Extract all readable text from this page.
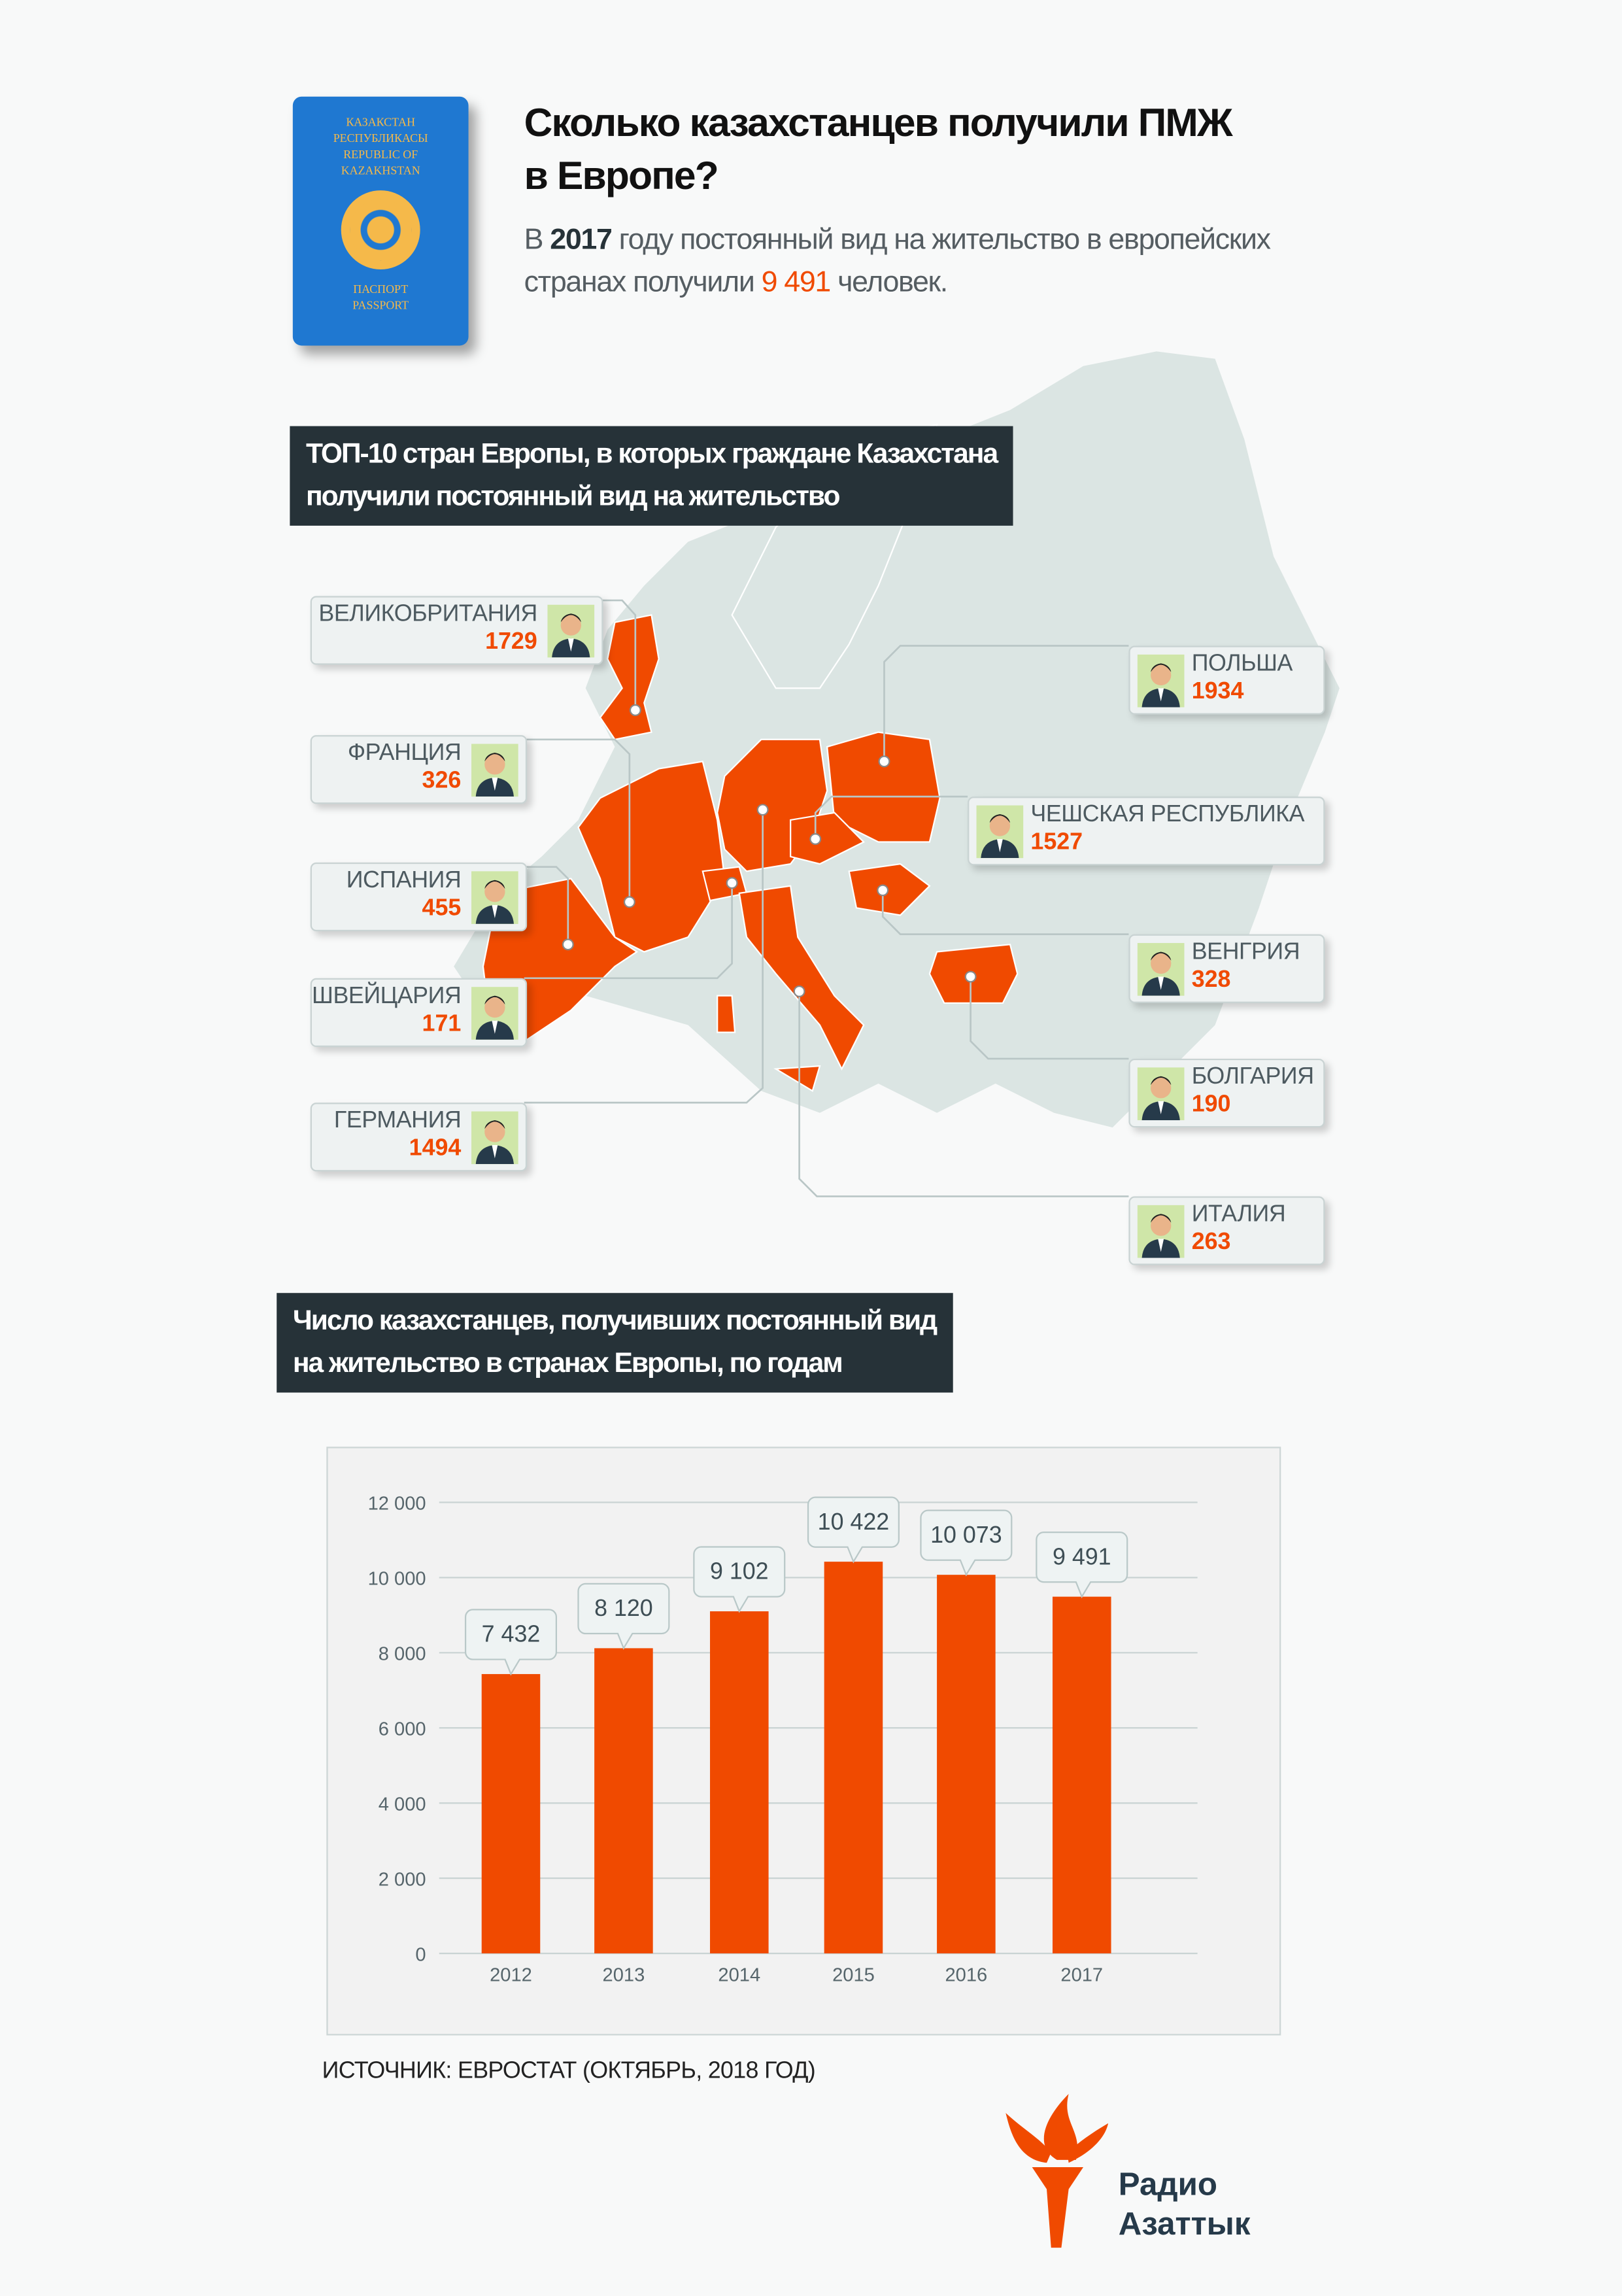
КАЗАКСТАН
РЕСПУБЛИКАСЫ
REPUBLIC OF
KAZAKHSTAN
ПАСПОРТ
PASSPORT
Сколько казахстанцев получили ПМЖ
в Европе?
В 2017 году постоянный вид на жительство в европейских
странах получили 9 491 человек.
ТОП-10 стран Европы, в которых граждане Казахстана
получили постоянный вид на жительство
ВЕЛИКОБРИТАНИЯ
1729
ФРАНЦИЯ
326
ИСПАНИЯ
455
ШВЕЙЦАРИЯ
171
ГЕРМАНИЯ
1494
ПОЛЬША
1934
ЧЕШСКАЯ РЕСПУБЛИКА
1527
ВЕНГРИЯ
328
БОЛГАРИЯ
190
ИТАЛИЯ
263
Число казахстанцев, получивших постоянный вид
на жительство в странах Европы, по годам
0
2 000
4 000
6 000
8 000
10 000
12 000
2012
7 432
2013
8 120
2014
9 102
2015
10 422
2016
10 073
2017
9 491
ИСТОЧНИК: ЕВРОСТАТ (ОКТЯБРЬ, 2018 ГОД)
Радио
Азаттык
